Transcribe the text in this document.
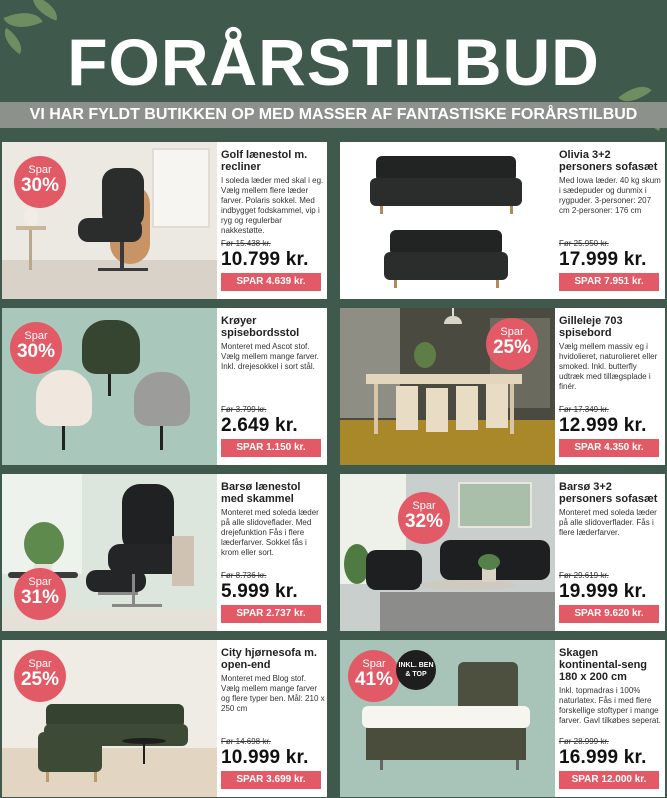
FORÅRSTILBUD
VI HAR FYLDT BUTIKKEN OP MED MASSER AF FANTASTISKE FORÅRSTILBUD
Spar
30%
Golf lænestol m. recliner
I soleda læder med skal i eg. Vælg mellem flere læder farver. Polaris sokkel. Med indbygget fodskammel, vip i ryg og regulerbar nakkestøtte.
Før 15.438 kr.
10.799 kr.
SPAR 4.639 kr.
Olivia 3+2 personers sofasæt
Med lowa læder. 40 kg skum i sædepuder og dunmix i rygpuder. 3-personer: 207 cm 2-personer: 176 cm
Før 25.950 kr.
17.999 kr.
SPAR 7.951 kr.
Spar
30%
Krøyer spisebordsstol
Monteret med Ascot stof. Vælg mellem mange farver. Inkl. drejesokkel i sort stål.
Før 3.799 kr.
2.649 kr.
SPAR 1.150 kr.
Spar
25%
Gilleleje 703 spisebord
Vælg mellem massiv eg i hvidolieret, naturolieret eller smoked. Inkl. butterfly udtræk med tillægsplade i finér.
Før 17.349 kr.
12.999 kr.
SPAR 4.350 kr.
Spar
31%
Barsø lænestol med skammel
Monteret med soleda læder på alle slidoveflader. Med drejefunktion Fås i flere læderfarver. Sokkel fås i krom eller sort.
Før 8.736 kr.
5.999 kr.
SPAR 2.737 kr.
Spar
32%
Barsø 3+2 personers sofasæt
Monteret med soleda læder på alle slidoverflader. Fås i flere læderfarver.
Før 29.619 kr.
19.999 kr.
SPAR 9.620 kr.
Spar
25%
City hjørnesofa m. open-end
Monteret med Blog stof. Vælg mellem mange farver og flere typer ben. Mål: 210 x 250 cm
Før 14.698 kr.
10.999 kr.
SPAR 3.699 kr.
Spar
41%
INKL. BEN & TOP
Skagen kontinental-seng 180 x 200 cm
Inkl. topmadras i 100% naturlatex. Fås i med flere forskellige stoftyper i mange farver. Gavl tilkøbes seperat.
Før 28.999 kr.
16.999 kr.
SPAR 12.000 kr.
